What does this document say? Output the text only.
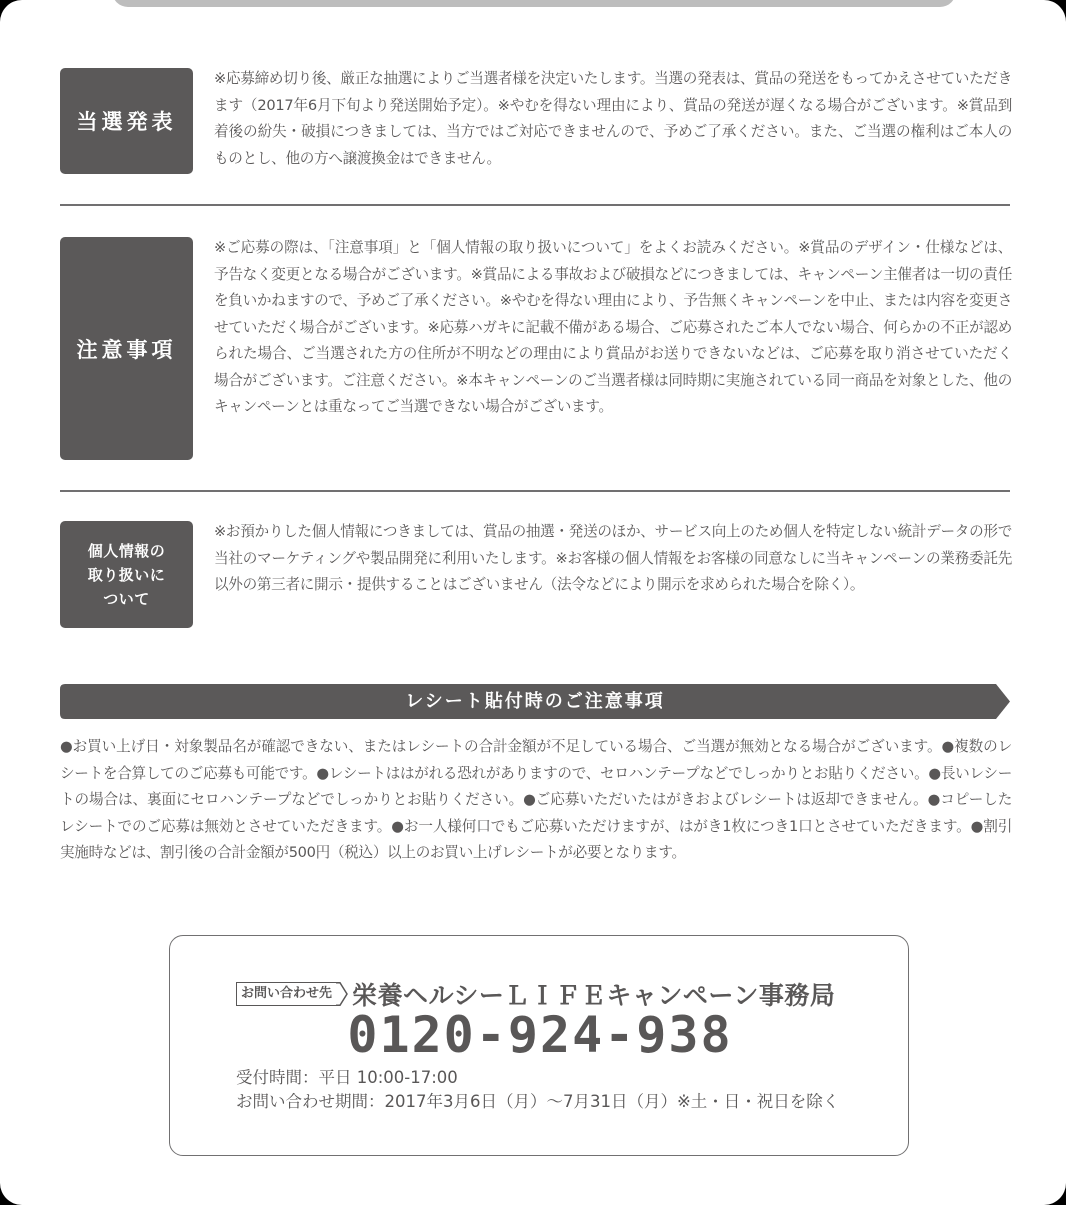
当選発表
※応募締め切り後、厳正な抽選によりご当選者様を決定いたします。当選の発表は、賞品の発送をもってかえさせていただきます（2017年6月下旬より発送開始予定）。※やむを得ない理由により、賞品の発送が遅くなる場合がございます。※賞品到着後の紛失・破損につきましては、当方ではご対応できませんので、予めご了承ください。また、ご当選の権利はご本人のものとし、他の方へ譲渡換金はできません。
注意事項
※ご応募の際は、「注意事項」と「個人情報の取り扱いについて」をよくお読みください。※賞品のデザイン・仕様などは、予告なく変更となる場合がございます。※賞品による事故および破損などにつきましては、キャンペーン主催者は一切の責任を負いかねますので、予めご了承ください。※やむを得ない理由により、予告無くキャンペーンを中止、または内容を変更させていただく場合がございます。※応募ハガキに記載不備がある場合、ご応募されたご本人でない場合、何らかの不正が認められた場合、ご当選された方の住所が不明などの理由により賞品がお送りできないなどは、ご応募を取り消させていただく場合がございます。ご注意ください。※本キャンペーンのご当選者様は同時期に実施されている同一商品を対象とした、他のキャンペーンとは重なってご当選できない場合がございます。
個人情報の
取り扱いに
ついて
※お預かりした個人情報につきましては、賞品の抽選・発送のほか、サービス向上のため個人を特定しない統計データの形で当社のマーケティングや製品開発に利用いたします。※お客様の個人情報をお客様の同意なしに当キャンペーンの業務委託先以外の第三者に開示・提供することはございません（法令などにより開示を求められた場合を除く）。
レシート貼付時のご注意事項
●お買い上げ日・対象製品名が確認できない、またはレシートの合計金額が不足している場合、ご当選が無効となる場合がございます。●複数のレシートを合算してのご応募も可能です。●レシートははがれる恐れがありますので、セロハンテープなどでしっかりとお貼りください。●長いレシートの場合は、裏面にセロハンテープなどでしっかりとお貼りください。●ご応募いただいたはがきおよびレシートは返却できません。●コピーしたレシートでのご応募は無効とさせていただきます。●お一人様何口でもご応募いただけますが、はがき1枚につき1口とさせていただきます。●割引実施時などは、割引後の合計金額が500円（税込）以上のお買い上げレシートが必要となります。
お問い合わせ先 栄養ヘルシーＬＩＦＥキャンペーン事務局
0120-924-938
受付時間：平日 10:00-17:00
お問い合わせ期間：2017年3月6日（月）～7月31日（月）※土・日・祝日を除く
